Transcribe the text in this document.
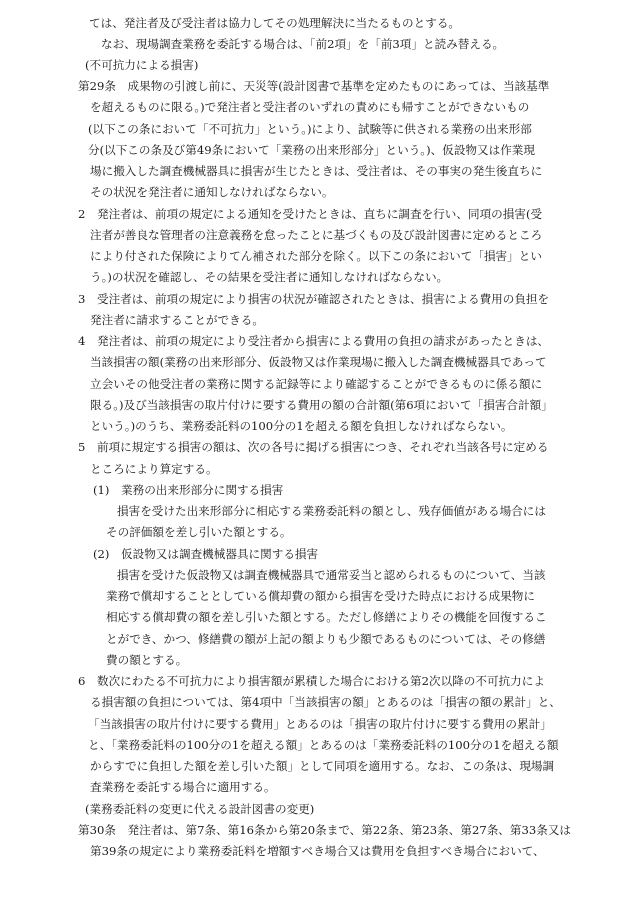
ては、発注者及び受注者は協力してその処理解決に当たるものとする。
なお、現場調査業務を委託する場合は、「前2項」を「前3項」と読み替える。
(不可抗力による損害)
第29条　成果物の引渡し前に、天災等(設計図書で基準を定めたものにあっては、当該基準
を超えるものに限る。)で発注者と受注者のいずれの責めにも帰すことができないもの
(以下この条において「不可抗力」という。)により、試験等に供される業務の出来形部
分(以下この条及び第49条において「業務の出来形部分」という。)、仮設物又は作業現
場に搬入した調査機械器具に損害が生じたときは、受注者は、その事実の発生後直ちに
その状況を発注者に通知しなければならない。
2　発注者は、前項の規定による通知を受けたときは、直ちに調査を行い、同項の損害(受
注者が善良な管理者の注意義務を怠ったことに基づくもの及び設計図書に定めるところ
により付された保険によりてん補された部分を除く。以下この条において「損害」とい
う。)の状況を確認し、その結果を受注者に通知しなければならない。
3　受注者は、前項の規定により損害の状況が確認されたときは、損害による費用の負担を
発注者に請求することができる。
4　発注者は、前項の規定により受注者から損害による費用の負担の請求があったときは、
当該損害の額(業務の出来形部分、仮設物又は作業現場に搬入した調査機械器具であって
立会いその他受注者の業務に関する記録等により確認することができるものに係る額に
限る。)及び当該損害の取片付けに要する費用の額の合計額(第6項において「損害合計額」
という。)のうち、業務委託料の100分の1を超える額を負担しなければならない。
5　前項に規定する損害の額は、次の各号に掲げる損害につき、それぞれ当該各号に定める
ところにより算定する。
(1)　業務の出来形部分に関する損害
損害を受けた出来形部分に相応する業務委託料の額とし、残存価値がある場合には
その評価額を差し引いた額とする。
(2)　仮設物又は調査機械器具に関する損害
損害を受けた仮設物又は調査機械器具で通常妥当と認められるものについて、当該
業務で償却することとしている償却費の額から損害を受けた時点における成果物に
相応する償却費の額を差し引いた額とする。ただし修繕によりその機能を回復するこ
とができ、かつ、修繕費の額が上記の額よりも少額であるものについては、その修繕
費の額とする。
6　数次にわたる不可抗力により損害額が累積した場合における第2次以降の不可抗力によ
る損害額の負担については、第4項中「当該損害の額」とあるのは「損害の額の累計」と、
「当該損害の取片付けに要する費用」とあるのは「損害の取片付けに要する費用の累計」
と、「業務委託料の100分の1を超える額」とあるのは「業務委託料の100分の1を超える額
からすでに負担した額を差し引いた額」として同項を適用する。なお、この条は、現場調
査業務を委託する場合に適用する。
(業務委託料の変更に代える設計図書の変更)
第30条　発注者は、第7条、第16条から第20条まで、第22条、第23条、第27条、第33条又は
第39条の規定により業務委託料を増額すべき場合又は費用を負担すべき場合において、
